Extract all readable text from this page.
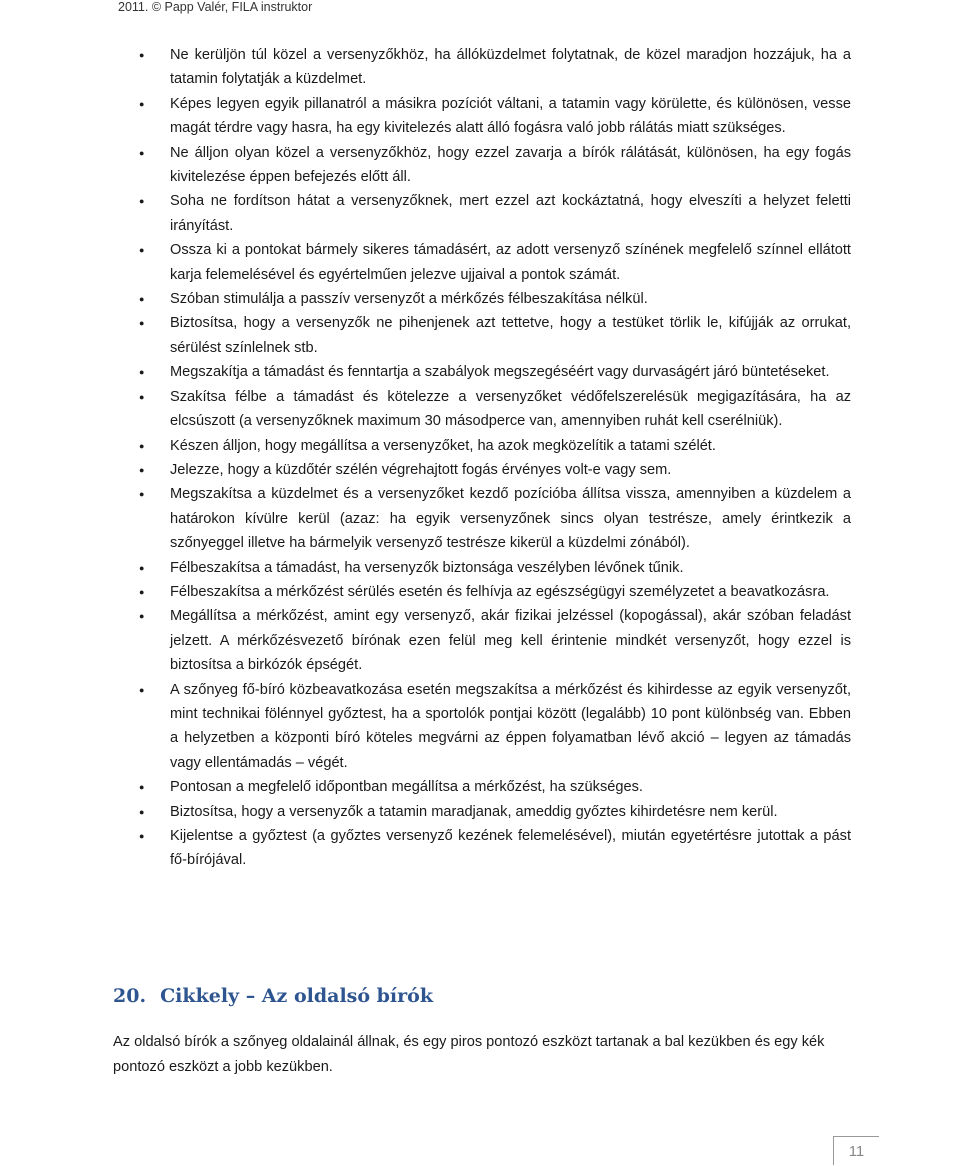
2011. © Papp Valér, FILA instruktor
● Ne kerüljön túl közel a versenyzőkhöz, ha állóküzdelmet folytatnak, de közel maradjon hozzájuk, ha a tatamin folytatják a küzdelmet.
● Képes legyen egyik pillanatról a másikra pozíciót váltani, a tatamin vagy körülette, és különösen, vesse magát térdre vagy hasra, ha egy kivitelezés alatt álló fogásra való jobb rálátás miatt szükséges.
● Ne álljon olyan közel a versenyzőkhöz, hogy ezzel zavarja a bírók rálátását, különösen, ha egy fogás kivitelezése éppen befejezés előtt áll.
● Soha ne fordítson hátat a versenyzőknek, mert ezzel azt kockáztatná, hogy elveszíti a helyzet feletti irányítást.
● Ossza ki a pontokat bármely sikeres támadásért, az adott versenyző színének megfelelő színnel ellátott karja felemelésével és egyértelműen jelezve ujjaival a pontok számát.
● Szóban stimulálja a passzív versenyzőt a mérkőzés félbeszakítása nélkül.
● Biztosítsa, hogy a versenyzők ne pihenjenek azt tettetve, hogy a testüket törlik le, kifújják az orrukat, sérülést színlelnek stb.
● Megszakítja a támadást és fenntartja a szabályok megszegéséért vagy durvaságért járó büntetéseket.
● Szakítsa félbe a támadást és kötelezze a versenyzőket védőfelszerelésük megigazítására, ha az elcsúszott (a versenyzőknek maximum 30 másodperce van, amennyiben ruhát kell cserélniük).
● Készen álljon, hogy megállítsa a versenyzőket, ha azok megközelítik a tatami szélét.
● Jelezze, hogy a küzdőtér szélén végrehajtott fogás érvényes volt-e vagy sem.
● Megszakítsa a küzdelmet és a versenyzőket kezdő pozícióba állítsa vissza, amennyiben a küzdelem a határokon kívülre kerül (azaz: ha egyik versenyzőnek sincs olyan testrésze, amely érintkezik a szőnyeggel illetve ha bármelyik versenyző testrésze kikerül a küzdelmi zónából).
● Félbeszakítsa a támadást, ha versenyzők biztonsága veszélyben lévőnek tűnik.
● Félbeszakítsa a mérkőzést sérülés esetén és felhívja az egészségügyi személyzetet a beavatkozásra.
● Megállítsa a mérkőzést, amint egy versenyző, akár fizikai jelzéssel (kopogással), akár szóban feladást jelzett. A mérkőzésvezető bírónak ezen felül meg kell érintenie mindkét versenyzőt, hogy ezzel is biztosítsa a birkózók épségét.
● A szőnyeg fő-bíró közbeavatkozása esetén megszakítsa a mérkőzést és kihirdesse az egyik versenyzőt, mint technikai fölénnyel győztest, ha a sportolók pontjai között (legalább) 10 pont különbség van. Ebben a helyzetben a központi bíró köteles megvárni az éppen folyamatban lévő akció – legyen az támadás vagy ellentámadás – végét.
● Pontosan a megfelelő időpontban megállítsa a mérkőzést, ha szükséges.
● Biztosítsa, hogy a versenyzők a tatamin maradjanak, ameddig győztes kihirdetésre nem kerül.
● Kijelentse a győztest (a győztes versenyző kezének felemelésével), miután egyetértésre jutottak a pást fő-bírójával.
20. Cikkely – Az oldalsó bírók

Az oldalsó bírók a szőnyeg oldalainál állnak, és egy piros pontozó eszközt tartanak a bal kezükben és egy kék pontozó eszközt a jobb kezükben.

11
